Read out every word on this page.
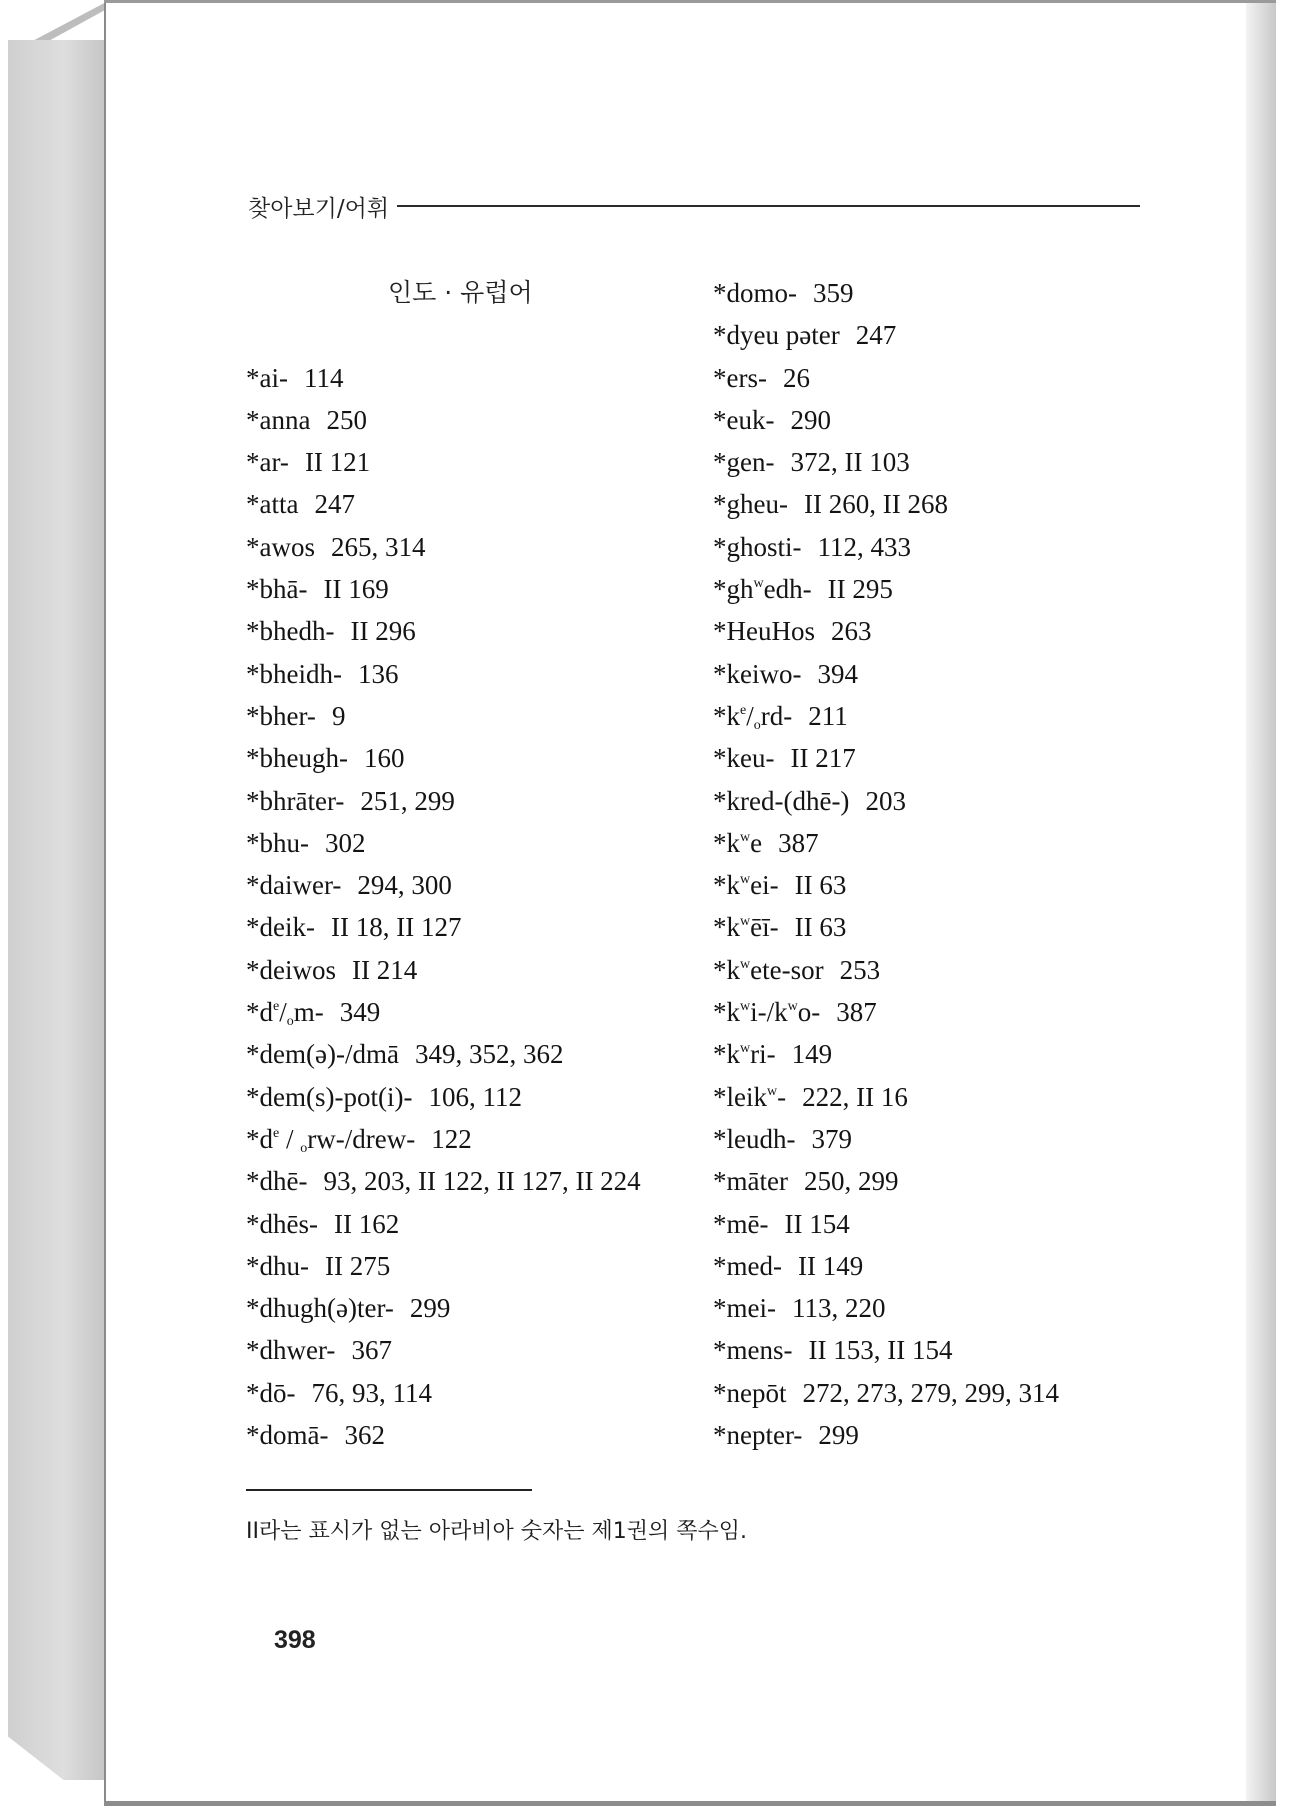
찾아보기/어휘
인도 · 유럽어
*ai- 114
*anna 250
*ar- II 121
*atta 247
*awos 265, 314
*bhā- II 169
*bhedh- II 296
*bheidh- 136
*bher- 9
*bheugh- 160
*bhrāter- 251, 299
*bhu- 302
*daiwer- 294, 300
*deik- II 18, II 127
*deiwos II 214
$*d^e/_om-$ 349
*dem(ə)-/dmā 349, 352, 362
*dem(s)-pot(i)- 106, 112
$*d^e$ / $_o$rw-/drew- 122
*dhē- 93, 203, II 122, II 127, II 224
*dhēs- II 162
*dhu- II 275
*dhugh(ə)ter- 299
*dhwer- 367
*dō- 76, 93, 114
*domā- 362
*domo- 359
*dyeu pəter 247
*ers- 26
*euk- 290
*gen- 372, II 103
*gheu- II 260, II 268
*ghosti- 112, 433
$*gh^wedh-$ II 295
*HeuHos 263
*keiwo- 394
$*k^e/_ord-$ 211
*keu- II 217
*kred-(dhē-) 203
$*k^we$ 387
$*k^wei-$ II 63
$*k^wēī-$ II 63
$*k^wete$-sor 253
$*k^wi-/k^wo-$ 387
$*k^wri-$ 149
*leik$^w$- 222, II 16
*leudh- 379
*māter 250, 299
*mē- II 154
*med- II 149
*mei- 113, 220
*mens- II 153, II 154
*nepōt 272, 273, 279, 299, 314
*nepter- 299
II라는 표시가 없는 아라비아 숫자는 제1권의 쪽수임.
398
